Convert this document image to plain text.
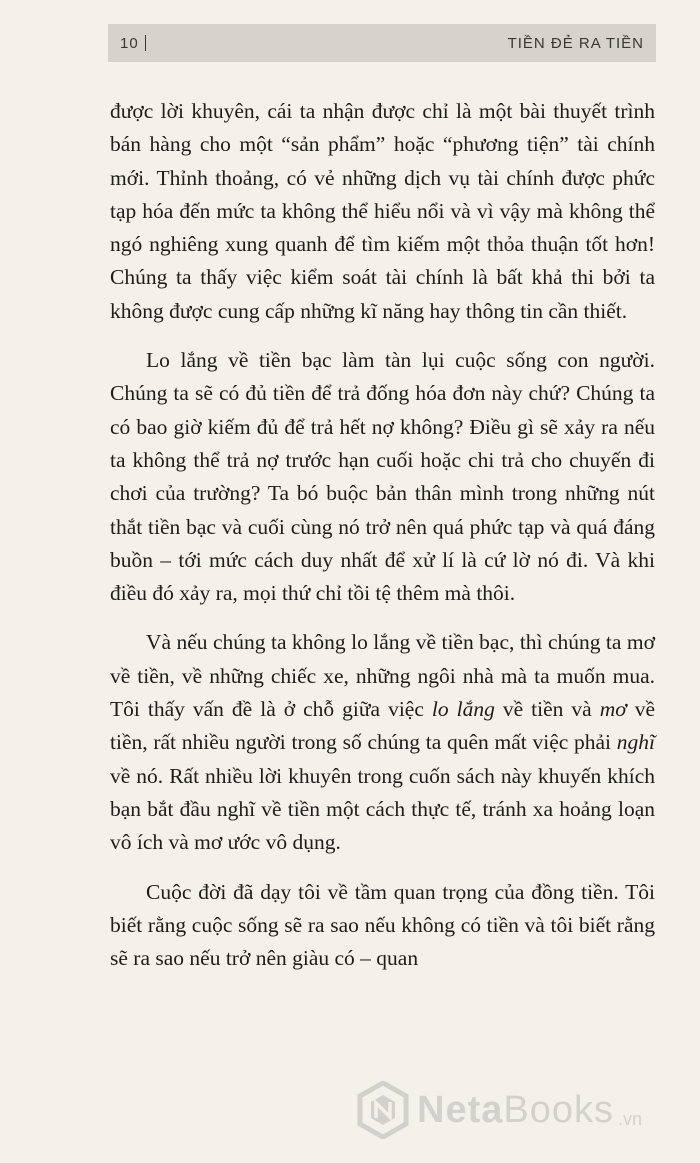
10	TIỀN ĐẺ RA TIỀN

được lời khuyên, cái ta nhận được chỉ là một bài thuyết trình bán hàng cho một “sản phẩm” hoặc “phương tiện” tài chính mới. Thỉnh thoảng, có vẻ những dịch vụ tài chính được phức tạp hóa đến mức ta không thể hiểu nổi và vì vậy mà không thể ngó nghiêng xung quanh để tìm kiếm một thỏa thuận tốt hơn! Chúng ta thấy việc kiểm soát tài chính là bất khả thi bởi ta không được cung cấp những kĩ năng hay thông tin cần thiết.

Lo lắng về tiền bạc làm tàn lụi cuộc sống con người. Chúng ta sẽ có đủ tiền để trả đống hóa đơn này chứ? Chúng ta có bao giờ kiếm đủ để trả hết nợ không? Điều gì sẽ xảy ra nếu ta không thể trả nợ trước hạn cuối hoặc chi trả cho chuyến đi chơi của trường? Ta bó buộc bản thân mình trong những nút thắt tiền bạc và cuối cùng nó trở nên quá phức tạp và quá đáng buồn – tới mức cách duy nhất để xử lí là cứ lờ nó đi. Và khi điều đó xảy ra, mọi thứ chỉ tồi tệ thêm mà thôi.

Và nếu chúng ta không lo lắng về tiền bạc, thì chúng ta mơ về tiền, về những chiếc xe, những ngôi nhà mà ta muốn mua. Tôi thấy vấn đề là ở chỗ giữa việc lo lắng về tiền và mơ về tiền, rất nhiều người trong số chúng ta quên mất việc phải nghĩ về nó. Rất nhiều lời khuyên trong cuốn sách này khuyến khích bạn bắt đầu nghĩ về tiền một cách thực tế, tránh xa hoảng loạn vô ích và mơ ước vô dụng.

Cuộc đời đã dạy tôi về tầm quan trọng của đồng tiền. Tôi biết rằng cuộc sống sẽ ra sao nếu không có tiền và tôi biết rằng sẽ ra sao nếu trở nên giàu có – quan

NetaBooks .vn
